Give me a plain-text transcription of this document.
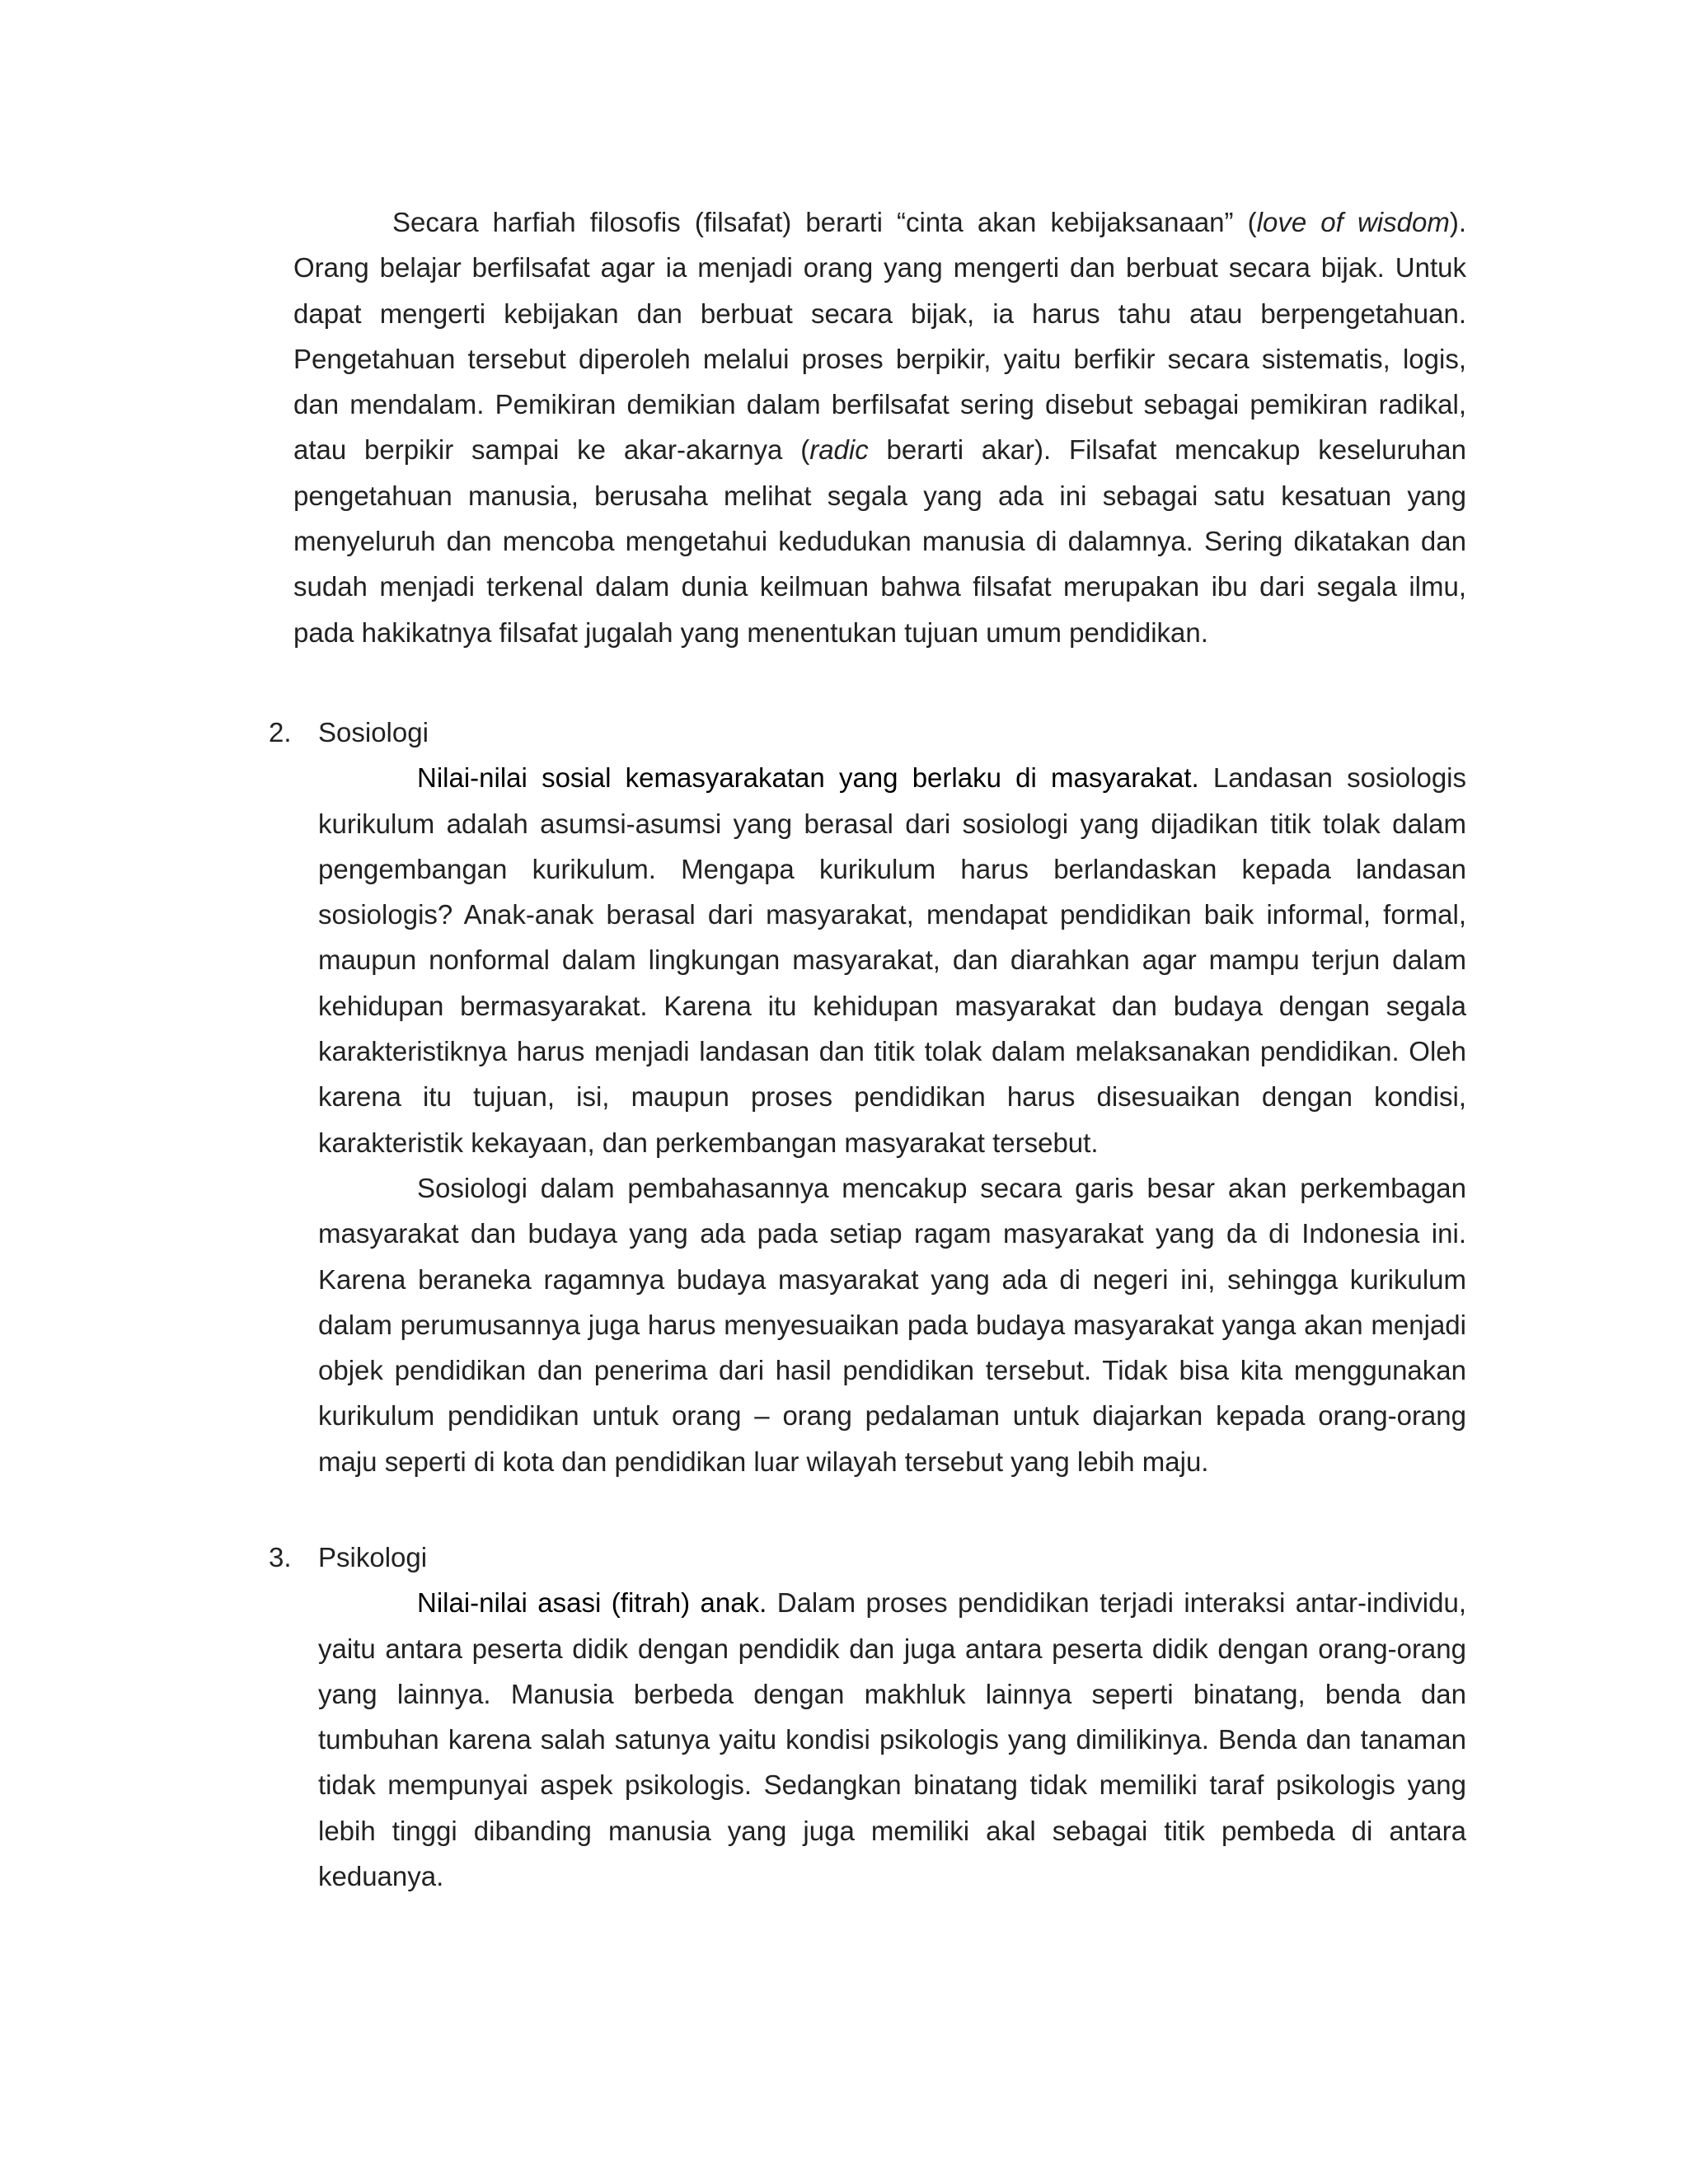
Secara harfiah filosofis (filsafat) berarti “cinta akan kebijaksanaan” (love of wisdom). Orang belajar berfilsafat agar ia menjadi orang yang mengerti dan berbuat secara bijak. Untuk dapat mengerti kebijakan dan berbuat secara bijak, ia harus tahu atau berpengetahuan. Pengetahuan tersebut diperoleh melalui proses berpikir, yaitu berfikir secara sistematis, logis, dan mendalam. Pemikiran demikian dalam berfilsafat sering disebut sebagai pemikiran radikal, atau berpikir sampai ke akar-akarnya (radic berarti akar). Filsafat mencakup keseluruhan pengetahuan manusia, berusaha melihat segala yang ada ini sebagai satu kesatuan yang menyeluruh dan mencoba mengetahui kedudukan manusia di dalamnya. Sering dikatakan dan sudah menjadi terkenal dalam dunia keilmuan bahwa filsafat merupakan ibu dari segala ilmu, pada hakikatnya filsafat jugalah yang menentukan tujuan umum pendidikan.

2. Sosiologi

Nilai-nilai sosial kemasyarakatan yang berlaku di masyarakat. Landasan sosiologis kurikulum adalah asumsi-asumsi yang berasal dari sosiologi yang dijadikan titik tolak dalam pengembangan kurikulum. Mengapa kurikulum harus berlandaskan kepada landasan sosiologis? Anak-anak berasal dari masyarakat, mendapat pendidikan baik informal, formal, maupun nonformal dalam lingkungan masyarakat, dan diarahkan agar mampu terjun dalam kehidupan bermasyarakat. Karena itu kehidupan masyarakat dan budaya dengan segala karakteristiknya harus menjadi landasan dan titik tolak dalam melaksanakan pendidikan. Oleh karena itu tujuan, isi, maupun proses pendidikan harus disesuaikan dengan kondisi, karakteristik kekayaan, dan perkembangan masyarakat tersebut.

Sosiologi dalam pembahasannya mencakup secara garis besar akan perkembagan masyarakat dan budaya yang ada pada setiap ragam masyarakat yang da di Indonesia ini. Karena beraneka ragamnya budaya masyarakat yang ada di negeri ini, sehingga kurikulum dalam perumusannya juga harus menyesuaikan pada budaya masyarakat yanga akan menjadi objek pendidikan dan penerima dari hasil pendidikan tersebut. Tidak bisa kita menggunakan kurikulum pendidikan untuk orang – orang pedalaman untuk diajarkan kepada orang-orang maju seperti di kota dan pendidikan luar wilayah tersebut yang lebih maju.

3. Psikologi

Nilai-nilai asasi (fitrah) anak. Dalam proses pendidikan terjadi interaksi antar-individu, yaitu antara peserta didik dengan pendidik dan juga antara peserta didik dengan orang-orang yang lainnya. Manusia berbeda dengan makhluk lainnya seperti binatang, benda dan tumbuhan karena salah satunya yaitu kondisi psikologis yang dimilikinya. Benda dan tanaman tidak mempunyai aspek psikologis. Sedangkan binatang tidak memiliki taraf psikologis yang lebih tinggi dibanding manusia yang juga memiliki akal sebagai titik pembeda di antara keduanya.
